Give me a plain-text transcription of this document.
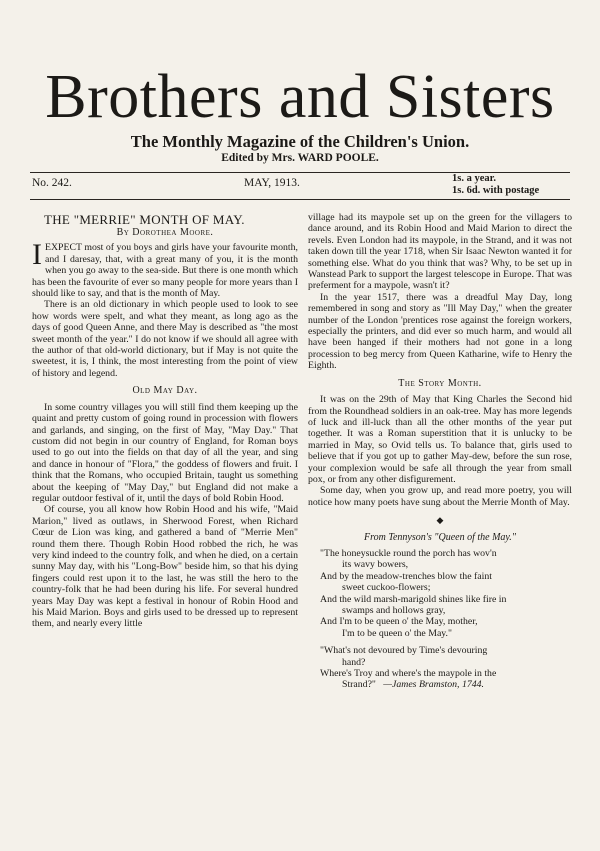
Brothers and Sisters
The Monthly Magazine of the Children's Union.
Edited by Mrs. WARD POOLE.
No. 242.	MAY, 1913.	1s. a year.
1s. 6d. with postage

THE "MERRIE" MONTH OF MAY.

By Dorothea Moore.

IEXPECT most of you boys and girls have your favourite month, and I daresay, that, with a great many of you, it is the month when you go away to the sea-side. But there is one month which has been the favourite of ever so many people for more years than I should like to say, and that is the month of May.

There is an old dictionary in which people used to look to see how words were spelt, and what they meant, as long ago as the days of good Queen Anne, and there May is described as "the most sweet month of the year." I do not know if we should all agree with the author of that old-world dictionary, but if May is not quite the sweetest, it is, I think, the most interesting from the point of view of history and legend.

Old May Day.

In some country villages you will still find them keeping up the quaint and pretty custom of going round in procession with flowers and garlands, and singing, on the first of May, "May Day." That custom did not begin in our country of England, for Roman boys used to go out into the fields on that day of all the year, and sing and dance in honour of "Flora," the goddess of flowers and fruit. I think that the Romans, who occupied Britain, taught us something about the keeping of "May Day," but England did not make a regular outdoor festival of it, until the days of bold Robin Hood.

Of course, you all know how Robin Hood and his wife, "Maid Marion," lived as outlaws, in Sherwood Forest, when Richard Cœur de Lion was king, and gathered a band of "Merrie Men" round them there. Though Robin Hood robbed the rich, he was very kind indeed to the country folk, and when he died, on a certain sunny May day, with his "Long-Bow" beside him, so that his dying fingers could rest upon it to the last, he was still the hero to the country-folk that he had been during his life. For several hundred years May Day was kept a festival in honour of Robin Hood and his Maid Marion. Boys and girls used to be dressed up to represent them, and nearly every little

village had its maypole set up on the green for the villagers to dance around, and its Robin Hood and Maid Marion to direct the revels. Even London had its maypole, in the Strand, and it was not taken down till the year 1718, when Sir Isaac Newton wanted it for something else. What do you think that was? Why, to be set up in Wanstead Park to support the largest telescope in Europe. That was preferment for a maypole, wasn't it?

In the year 1517, there was a dreadful May Day, long remembered in song and story as "Ill May Day," when the greater number of the London 'prentices rose against the foreign workers, especially the printers, and did ever so much harm, and would all have been hanged if their mothers had not gone in a long procession to beg mercy from Queen Katharine, wife to Henry the Eighth.

The Story Month.

It was on the 29th of May that King Charles the Second hid from the Roundhead soldiers in an oak-tree. May has more legends of luck and ill-luck than all the other months of the year put together. It was a Roman superstition that it is unlucky to be married in May, so Ovid tells us. To balance that, girls used to believe that if you got up to gather May-dew, before the sun rose, your complexion would be safe all through the year from small pox, or from any other disfigurement.

Some day, when you grow up, and read more poetry, you will notice how many poets have sung about the Merrie Month of May.

◆
From Tennyson's "Queen of the May."

"The honeysuckle round the porch has wov'n

its wavy bowers,

And by the meadow-trenches blow the faint

sweet cuckoo-flowers;

And the wild marsh-marigold shines like fire in

swamps and hollows gray,

And I'm to be queen o' the May, mother,

I'm to be queen o' the May."

"What's not devoured by Time's devouring

hand?

Where's Troy and where's the maypole in the

Strand?" —James Bramston, 1744.
